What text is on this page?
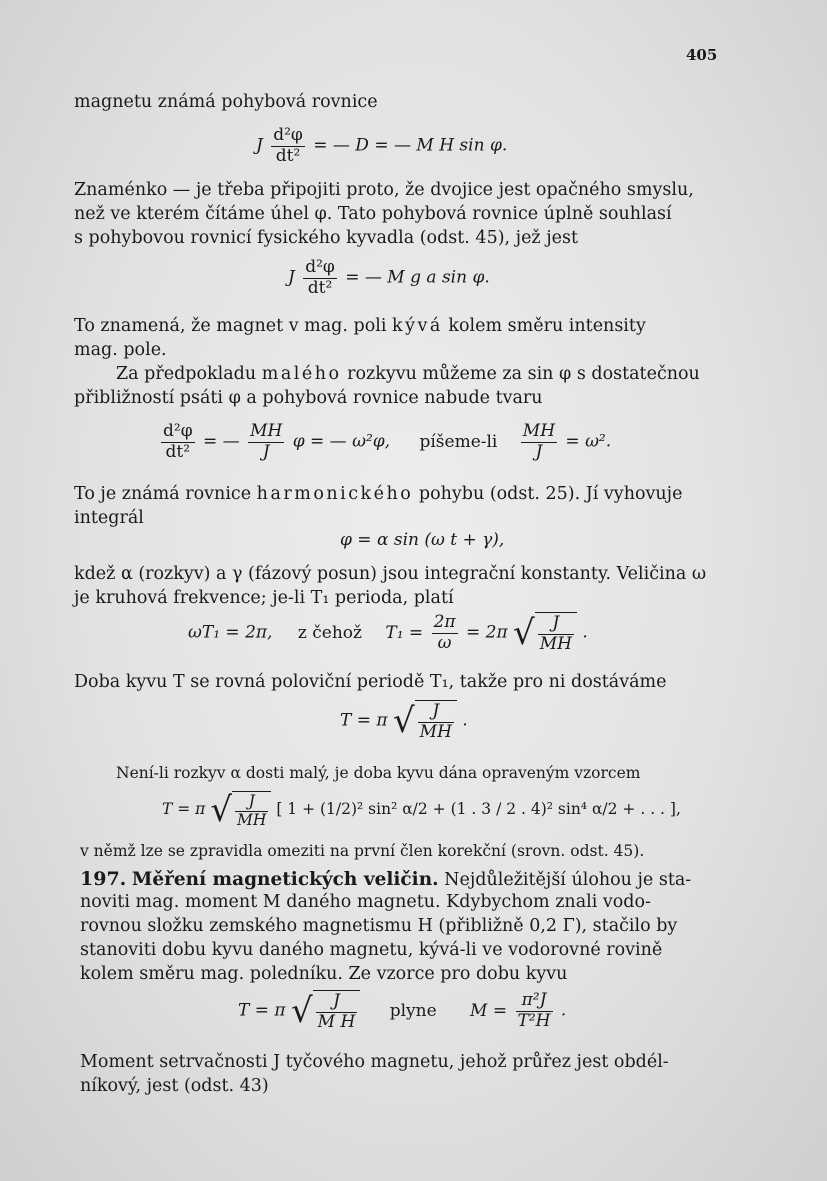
405
magnetu známá pohybová rovnice
J $\frac{\text{d²φ}}{\text{dt²}}$ = — D = — M H sin φ.
Znaménko — je třeba připojiti proto, že dvojice jest opačného smyslu,
než ve kterém čítáme úhel φ. Tato pohybová rovnice úplně souhlasí
s pohybovou rovnicí fysického kyvadla (odst. 45), jež jest
J $\frac{\text{d²φ}}{\text{dt²}}$ = — M g a sin φ.
To znamená, že magnet v mag. poli kývá kolem směru intensity
mag. pole.
Za předpokladu malého rozkyvu můžeme za sin φ s dostatečnou
přibližností psáti φ a pohybová rovnice nabude tvaru
$\frac{\text{d²φ}}{\text{dt²}}$ = — $\frac{MH}{J}$ φ = — ω²φ, píšeme-li $\frac{MH}{J} = \omega^2$.
To je známá rovnice harmonického pohybu (odst. 25). Jí vyhovuje
integrál
φ = α sin (ω t + γ),
kdež α (rozkyv) a γ (fázový posun) jsou integrační konstanty. Veličina ω
je kruhová frekvence; je-li T₁ perioda, platí
ωT₁ = 2π, z čehož $T_1 = \frac{2\pi}{\omega} = 2\pi$ √ $\frac{J}{MH}$ .
Doba kyvu T se rovná poloviční periodě T₁, takže pro ni dostáváme
T = π √ $\frac{J}{MH}$ .
Není-li rozkyv α dosti malý, je doba kyvu dána opraveným vzorcem
T = π √ $\frac{J}{MH}$ [ 1 + (1/2)² sin² α/2 + (1 . 3 / 2 . 4)² sin⁴ α/2 + . . . ],
v němž lze se zpravidla omeziti na první člen korekční (srovn. odst. 45).
197. Měření magnetických veličin. Nejdůležitější úlohou je sta-
noviti mag. moment M daného magnetu. Kdybychom znali vodo-
rovnou složku zemského magnetismu H (přibližně 0,2 Γ), stačilo by
stanoviti dobu kyvu daného magnetu, kývá-li ve vodorovné rovině
kolem směru mag. poledníku. Ze vzorce pro dobu kyvu
T = π √ $\frac{J}{\text{M H}}$ plyne $M = \frac{\text{π²J}}{\text{T²H}}$ .
Moment setrvačnosti J tyčového magnetu, jehož průřez jest obdél-
níkový, jest (odst. 43)
